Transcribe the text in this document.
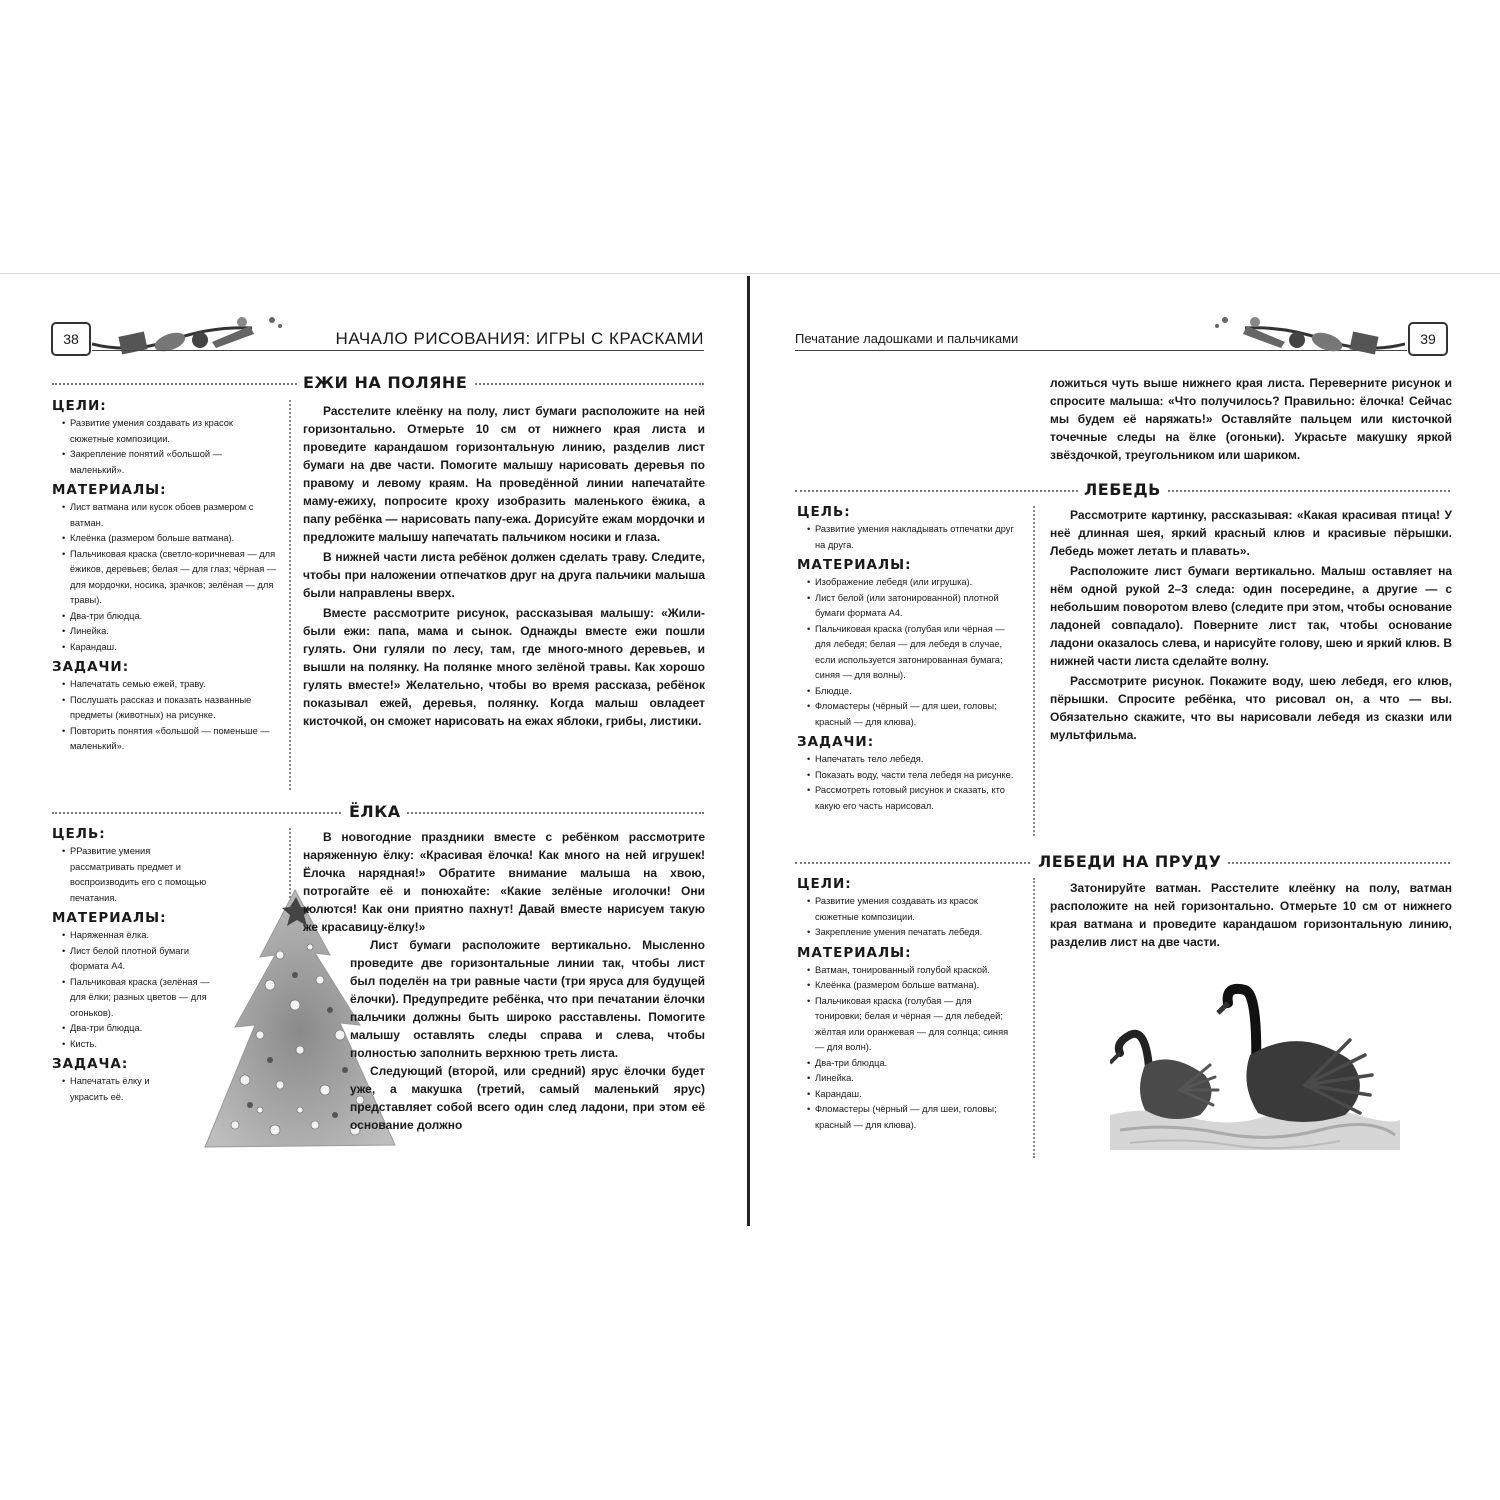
38	НАЧАЛО РИСОВАНИЯ: ИГРЫ С КРАСКАМИ
ЕЖИ НА ПОЛЯНЕ
ЦЕЛИ:
• Развитие умения создавать из красок сюжетные композиции.
• Закрепление понятий «большой — маленький».
МАТЕРИАЛЫ:
• Лист ватмана или кусок обоев размером с ватман.
• Клеёнка (размером больше ватмана).
• Пальчиковая краска (светло-коричневая — для ёжиков, деревьев; белая — для глаз; чёрная — для мордочки, носика, зрачков; зелёная — для травы).
• Два-три блюдца.
• Линейка.
• Карандаш.
ЗАДАЧИ:
• Напечатать семью ежей, траву.
• Послушать рассказ и показать названные предметы (животных) на рисунке.
• Повторить понятия «большой — поменьше — маленький».

Расстелите клеёнку на полу, лист бумаги расположите на ней горизонтально. Отмерьте 10 см от нижнего края листа и проведите карандашом горизонтальную линию, разделив лист бумаги на две части. Помогите малышу нарисовать деревья по правому и левому краям. На проведённой линии напечатайте маму-ежиху, попросите кроху изобразить маленького ёжика, а папу ребёнка — нарисовать папу-ежа. Дорисуйте ежам мордочки и предложите малышу напечатать пальчиком носики и глаза.

В нижней части листа ребёнок должен сделать траву. Следите, чтобы при наложении отпечатков друг на друга пальчики малыша были направлены вверх.

Вместе рассмотрите рисунок, рассказывая малышу: «Жили-были ежи: папа, мама и сынок. Однажды вместе ежи пошли гулять. Они гуляли по лесу, там, где много-много деревьев, и вышли на полянку. На полянке много зелёной травы. Как хорошо гулять вместе!» Желательно, чтобы во время рассказа, ребёнок показывал ежей, деревья, полянку. Когда малыш овладеет кисточкой, он сможет нарисовать на ежах яблоки, грибы, листики.

ЁЛКА
ЦЕЛЬ:
• РРазвитие умения рассматривать предмет и воспроизводить его с помощью печатания.
МАТЕРИАЛЫ:
• Наряженная ёлка.
• Лист белой плотной бумаги формата А4.
• Пальчиковая краска (зелёная — для ёлки; разных цветов — для огоньков).
• Два-три блюдца.
• Кисть.
ЗАДАЧА:
• Напечатать ёлку и украсить её.

В новогодние праздники вместе с ребёнком рассмотрите наряженную ёлку: «Красивая ёлочка! Как много на ней игрушек! Ёлочка нарядная!» Обратите внимание малыша на хвою, потрогайте её и понюхайте: «Какие зелёные иголочки! Они колются! Как они приятно пахнут! Давай вместе нарисуем такую же красавицу-ёлку!»

Лист бумаги расположите вертикально. Мысленно проведите две горизонтальные линии так, чтобы лист был поделён на три равные части (три яруса для будущей ёлочки). Предупредите ребёнка, что при печатании ёлочки пальчики должны быть широко расставлены. Помогите малышу оставлять следы справа и слева, чтобы полностью заполнить верхнюю треть листа.

Следующий (второй, или средний) ярус ёлочки будет уже, а макушка (третий, самый маленький ярус) представляет собой всего один след ладони, при этом её основание должно

Печатание ладошками и пальчиками	39

ложиться чуть выше нижнего края листа. Переверните рисунок и спросите малыша: «Что получилось? Правильно: ёлочка! Сейчас мы будем её наряжать!» Оставляйте пальцем или кисточкой точечные следы на ёлке (огоньки). Украсьте макушку яркой звёздочкой, треугольником или шариком.

ЛЕБЕДЬ
ЦЕЛЬ:
• Развитие умения накладывать отпечатки друг на друга.
МАТЕРИАЛЫ:
• Изображение лебедя (или игрушка).
• Лист белой (или затонированной) плотной бумаги формата А4.
• Пальчиковая краска (голубая или чёрная — для лебедя; белая — для лебедя в случае, если используется затонированная бумага; синяя — для волны).
• Блюдце.
• Фломастеры (чёрный — для шеи, головы; красный — для клюва).
ЗАДАЧИ:
• Напечатать тело лебедя.
• Показать воду, части тела лебедя на рисунке.
• Рассмотреть готовый рисунок и сказать, кто какую его часть нарисовал.

Рассмотрите картинку, рассказывая: «Какая красивая птица! У неё длинная шея, яркий красный клюв и красивые пёрышки. Лебедь может летать и плавать».

Расположите лист бумаги вертикально. Малыш оставляет на нём одной рукой 2–3 следа: один посередине, а другие — с небольшим поворотом влево (следите при этом, чтобы основание ладоней совпадало). Поверните лист так, чтобы основание ладони оказалось слева, и нарисуйте голову, шею и яркий клюв. В нижней части листа сделайте волну.

Рассмотрите рисунок. Покажите воду, шею лебедя, его клюв, пёрышки. Спросите ребёнка, что рисовал он, а что — вы. Обязательно скажите, что вы нарисовали лебедя из сказки или мультфильма.

ЛЕБЕДИ НА ПРУДУ
ЦЕЛИ:
• Развитие умения создавать из красок сюжетные композиции.
• Закрепление умения печатать лебедя.
МАТЕРИАЛЫ:
• Ватман, тонированный голубой краской.
• Клеёнка (размером больше ватмана).
• Пальчиковая краска (голубая — для тонировки; белая и чёрная — для лебедей; жёлтая или оранжевая — для солнца; синяя — для волн).
• Два-три блюдца.
• Линейка.
• Карандаш.
• Фломастеры (чёрный — для шеи, головы; красный — для клюва).

Затонируйте ватман. Расстелите клеёнку на полу, ватман расположите на ней горизонтально. Отмерьте 10 см от нижнего края ватмана и проведите карандашом горизонтальную линию, разделив лист на две части.
